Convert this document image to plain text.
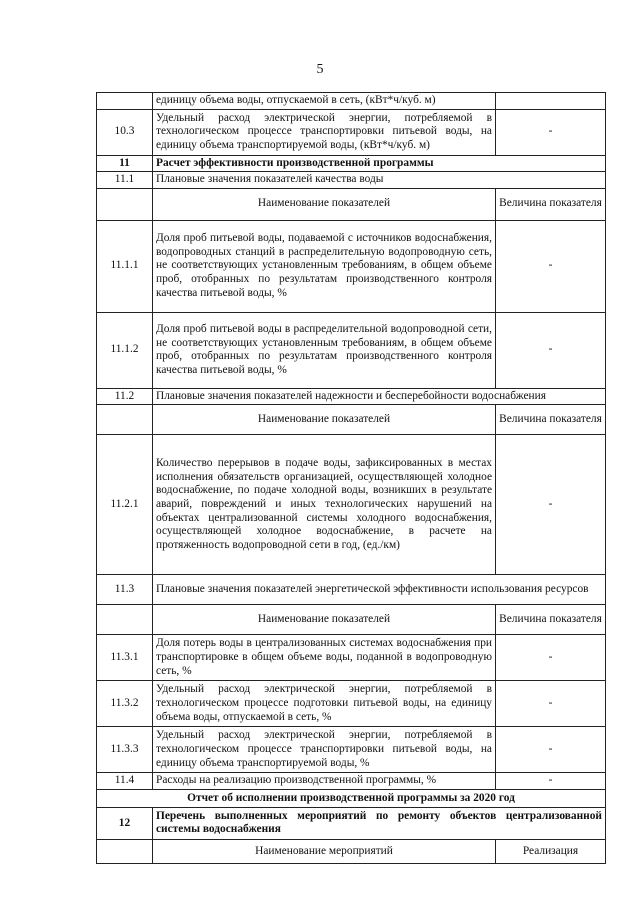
5
	единицу объема воды, отпускаемой в сеть, (кВт*ч/куб. м)	
10.3	Удельный расход электрической энергии, потребляемой в технологическом процессе транспортировки питьевой воды, на единицу объема транспортируемой воды, (кВт*ч/куб. м)	-
11	Расчет эффективности производственной программы	
11.1	Плановые значения показателей качества воды	
	Наименование показателей	Величина показателя
11.1.1	Доля проб питьевой воды, подаваемой с источников водоснабжения, водопроводных станций в распределительную водопроводную сеть, не соответствующих установленным требованиям, в общем объеме проб, отобранных по результатам производственного контроля качества питьевой воды, %	-
11.1.2	Доля проб питьевой воды в распределительной водопроводной сети, не соответствующих установленным требованиям, в общем объеме проб, отобранных по результатам производственного контроля качества питьевой воды, %	-
11.2	Плановые значения показателей надежности и бесперебойности водоснабжения	
	Наименование показателей	Величина показателя
11.2.1	Количество перерывов в подаче воды, зафиксированных в местах исполнения обязательств организацией, осуществляющей холодное водоснабжение, по подаче холодной воды, возникших в результате аварий, повреждений и иных технологических нарушений на объектах централизованной системы холодного водоснабжения, осуществляющей холодное водоснабжение, в расчете на протяженность водопроводной сети в год, (ед./км)	-
11.3	Плановые значения показателей энергетической эффективности использования ресурсов	
	Наименование показателей	Величина показателя
11.3.1	Доля потерь воды в централизованных системах водоснабжения при транспортировке в общем объеме воды, поданной в водопроводную сеть, %	-
11.3.2	Удельный расход электрической энергии, потребляемой в технологическом процессе подготовки питьевой воды, на единицу объема воды, отпускаемой в сеть, %	-
11.3.3	Удельный расход электрической энергии, потребляемой в технологическом процессе транспортировки питьевой воды, на единицу объема транспортируемой воды, %	-
11.4	Расходы на реализацию производственной программы, %	-
Отчет об исполнении производственной программы за 2020 год		
12	Перечень выполненных мероприятий по ремонту объектов централизованной системы водоснабжения	
	Наименование мероприятий	Реализация
